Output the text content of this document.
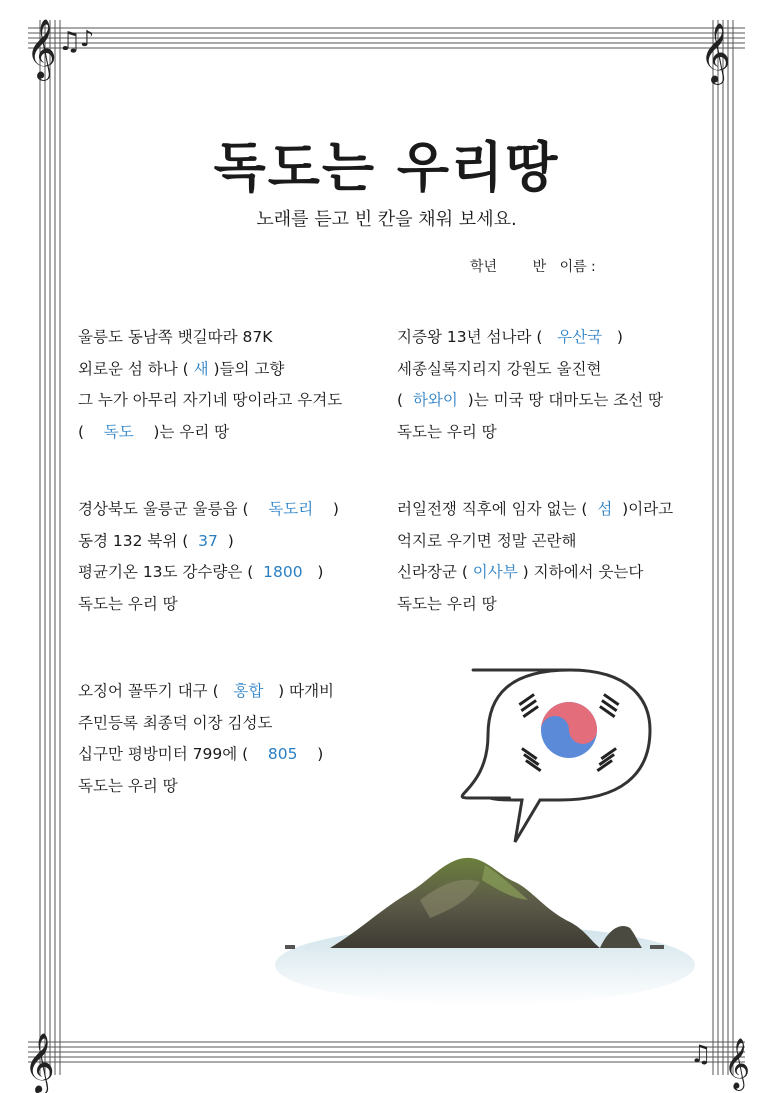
𝄞 ♫
♪	𝄞
𝄞	𝄞
♫
독도는 우리땅
노래를 듣고 빈 칸을 채워 보세요.
학년	반 이름 :
울릉도 동남쪽 뱃길따라 87K
외로운 섬 하나 ( 새 )들의 고향
그 누가 아무리 자기네 땅이라고 우겨도
(    독도    )는 우리 땅
지증왕 13년 섬나라 (   우산국   )
세종실록지리지 강원도 울진현
(  하와이  )는 미국 땅 대마도는 조선 땅
독도는 우리 땅
경상북도 울릉군 울릉읍 (    독도리    )
동경 132 북위 (  37  )
평균기온 13도 강수량은 (  1800   )
독도는 우리 땅
러일전쟁 직후에 임자 없는 (  섬  )이라고
억지로 우기면 정말 곤란해
신라장군 ( 이사부 ) 지하에서 웃는다
독도는 우리 땅
오징어 꼴뚜기 대구 (   홍합   ) 따개비
주민등록 최종덕 이장 김성도
십구만 평방미터 799에 (    805    )
독도는 우리 땅
